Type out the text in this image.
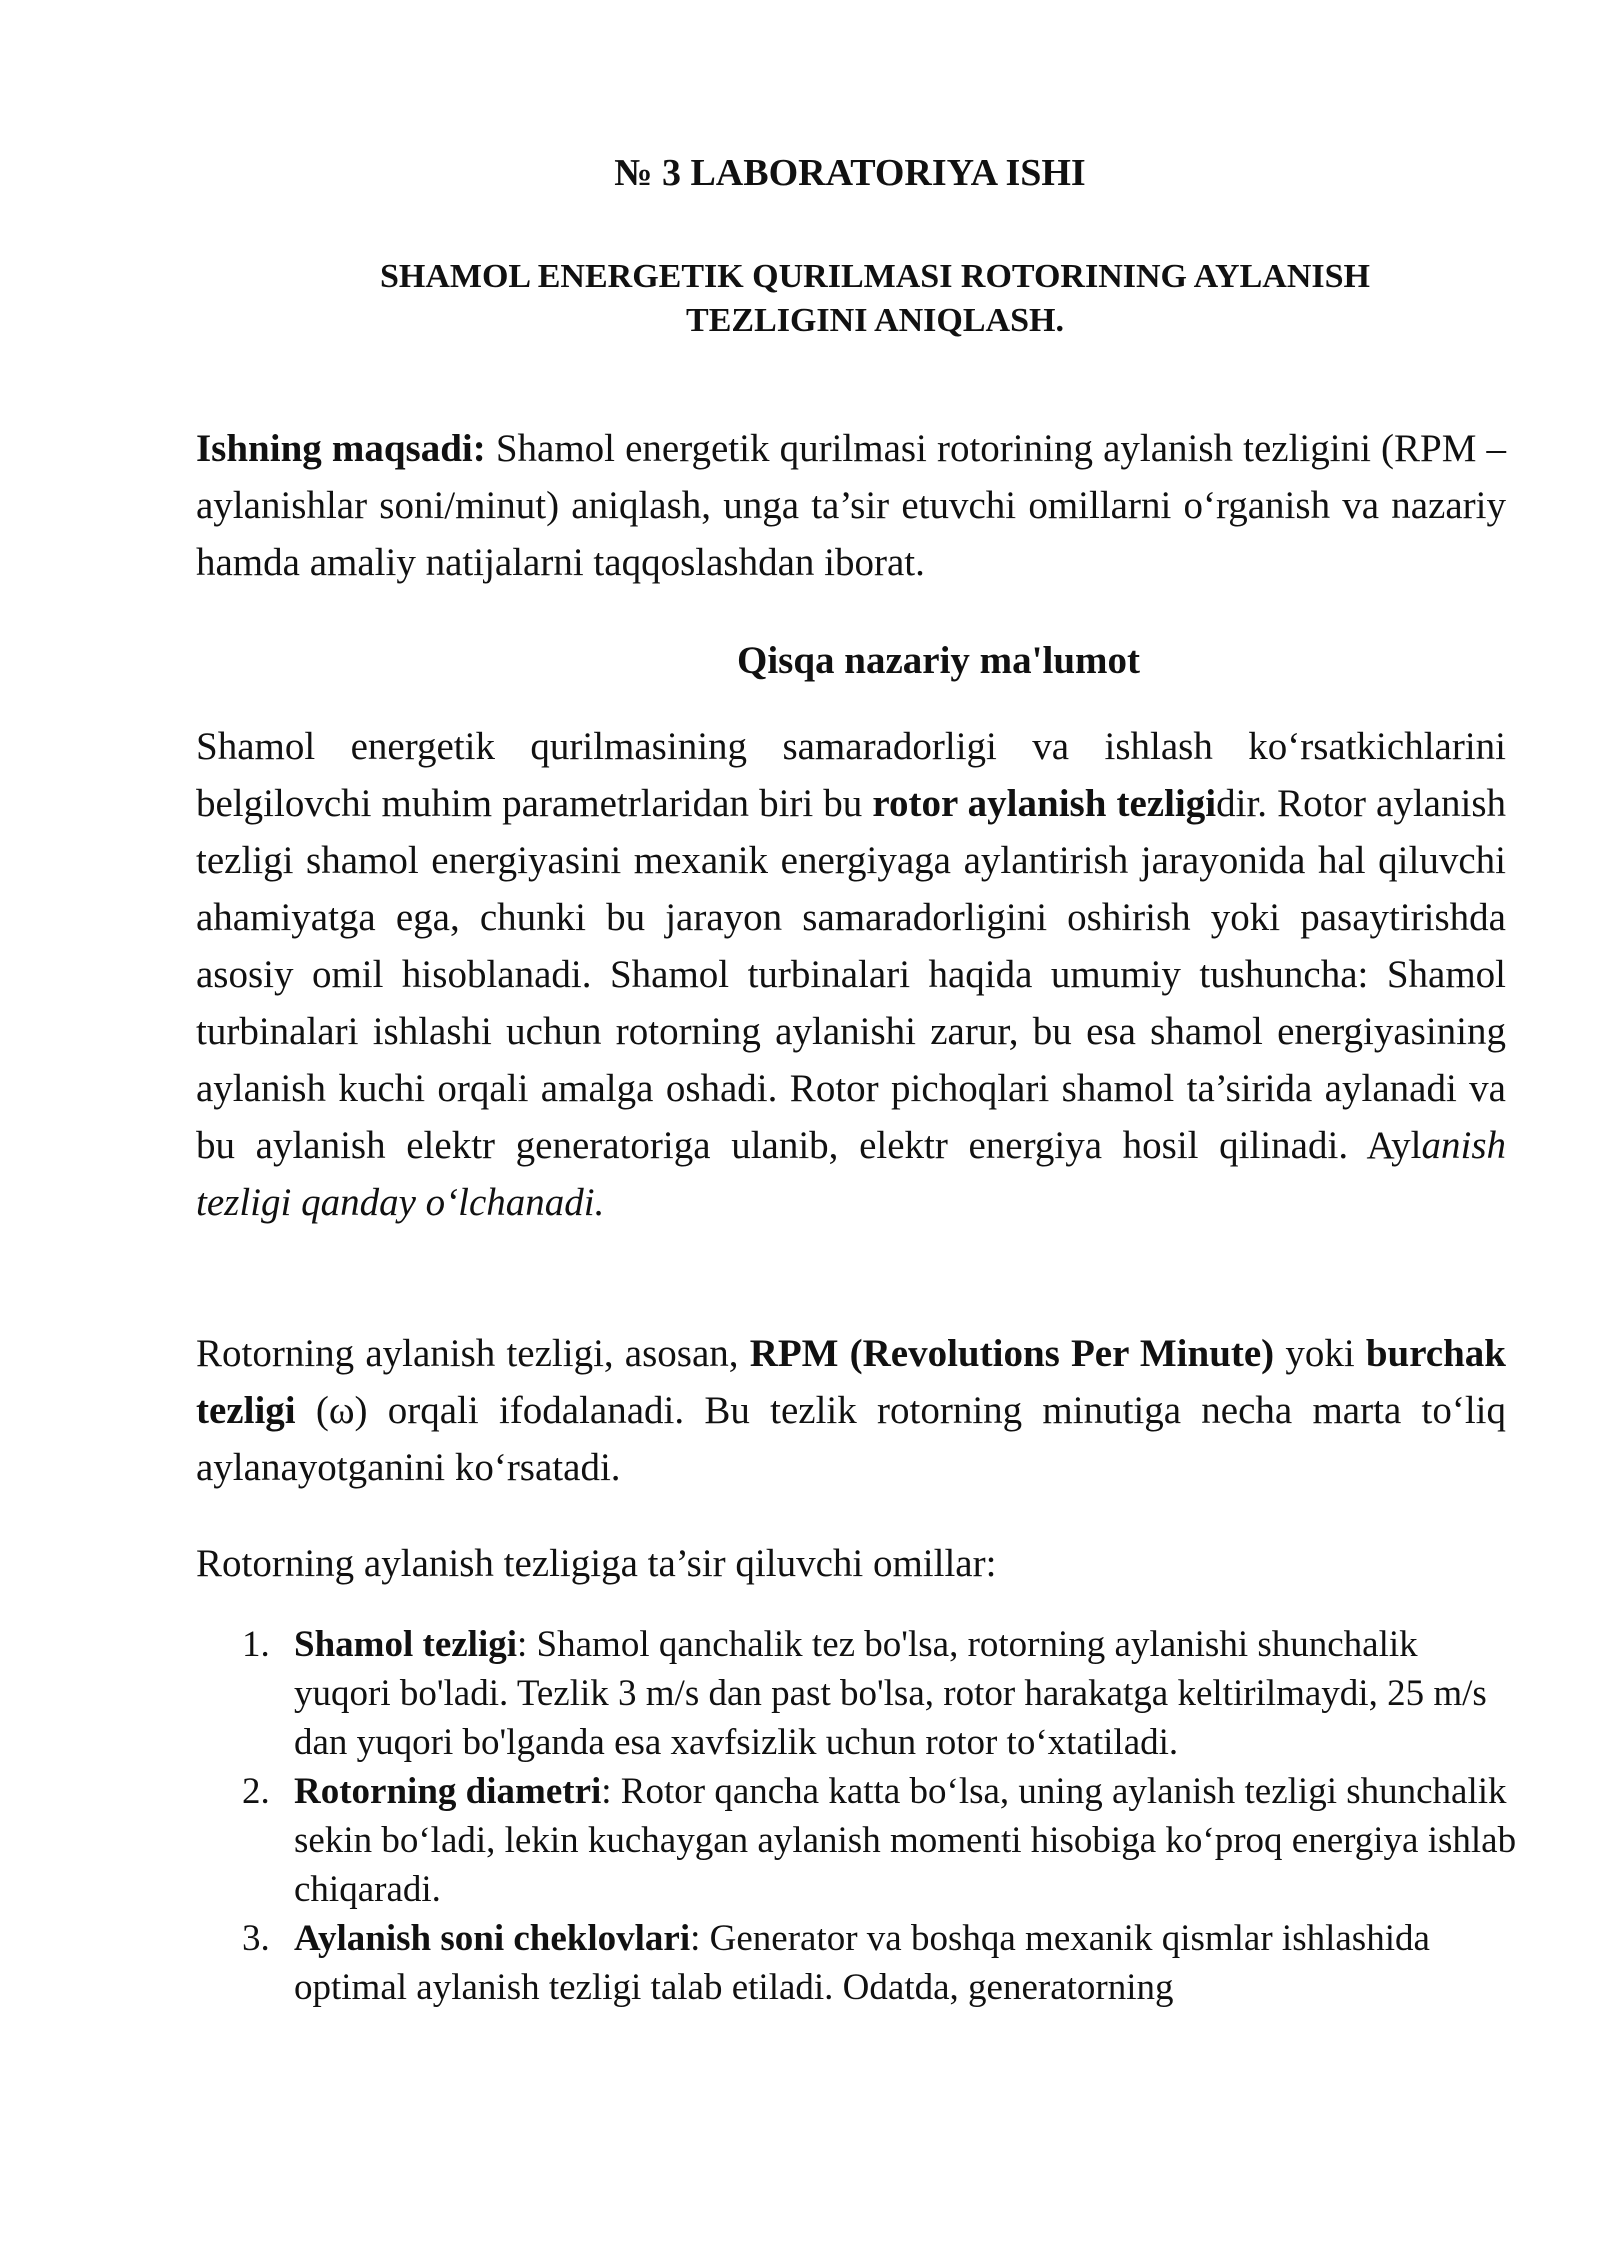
№ 3 LABORATORIYA ISHI
SHAMOL ENERGETIK QURILMASI ROTORINING AYLANISH TEZLIGINI ANIQLASH.

Ishning maqsadi: Shamol energetik qurilmasi rotorining aylanish tezligini (RPM – aylanishlar soni/minut) aniqlash, unga ta’sir etuvchi omillarni o‘rganish va nazariy hamda amaliy natijalarni taqqoslashdan iborat.

Qisqa nazariy ma'lumot

Shamol energetik qurilmasining samaradorligi va ishlash ko‘rsatkichlarini belgilovchi muhim parametrlaridan biri bu rotor aylanish tezligidir. Rotor aylanish tezligi shamol energiyasini mexanik energiyaga aylantirish jarayonida hal qiluvchi ahamiyatga ega, chunki bu jarayon samaradorligini oshirish yoki pasaytirishda asosiy omil hisoblanadi. Shamol turbinalari haqida umumiy tushuncha: Shamol turbinalari ishlashi uchun rotorning aylanishi zarur, bu esa shamol energiyasining aylanish kuchi orqali amalga oshadi. Rotor pichoqlari shamol ta’sirida aylanadi va bu aylanish elektr generatoriga ulanib, elektr energiya hosil qilinadi. Aylanish tezligi qanday o‘lchanadi.

Rotorning aylanish tezligi, asosan, RPM (Revolutions Per Minute) yoki burchak tezligi (ω) orqali ifodalanadi. Bu tezlik rotorning minutiga necha marta to‘liq aylanayotganini ko‘rsatadi.

Rotorning aylanish tezligiga ta’sir qiluvchi omillar:

1. Shamol tezligi: Shamol qanchalik tez bo'lsa, rotorning aylanishi shunchalik yuqori bo'ladi. Tezlik 3 m/s dan past bo'lsa, rotor harakatga keltirilmaydi, 25 m/s dan yuqori bo'lganda esa xavfsizlik uchun rotor to‘xtatiladi.
2. Rotorning diametri: Rotor qancha katta bo‘lsa, uning aylanish tezligi shunchalik sekin bo‘ladi, lekin kuchaygan aylanish momenti hisobiga ko‘proq energiya ishlab chiqaradi.
3. Aylanish soni cheklovlari: Generator va boshqa mexanik qismlar ishlashida optimal aylanish tezligi talab etiladi. Odatda, generatorning
